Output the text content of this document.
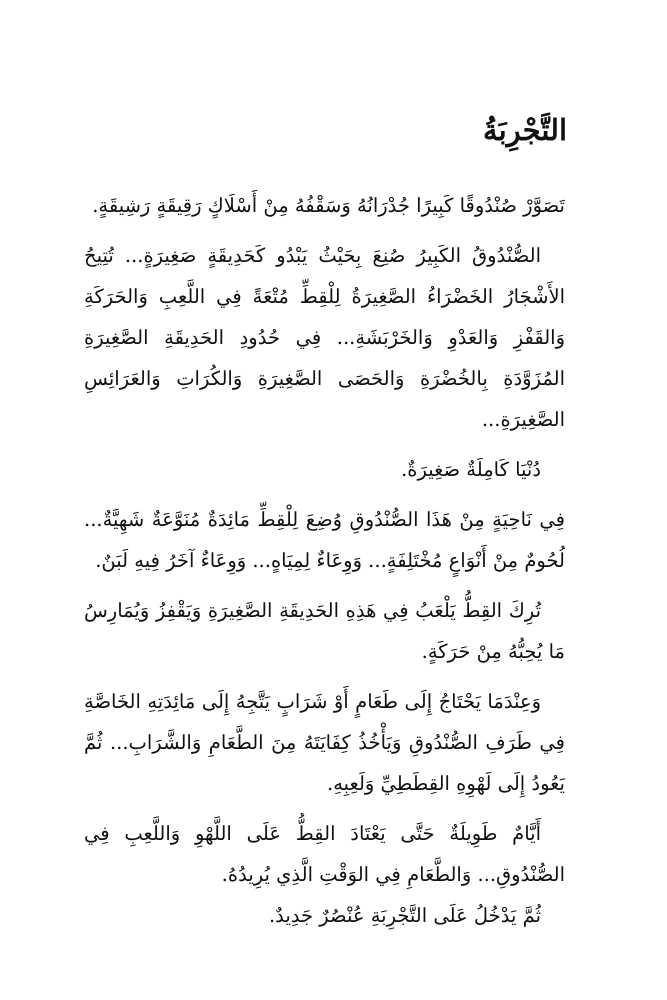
التَّجْرِبَةُ

تَصَوَّرْ صُنْدُوقًا كَبِيرًا جُدْرَانُهُ وَسَقْفُهُ مِنْ أَسْلَاكٍ رَقِيقَةٍ رَشِيقَةٍ.

الصُّنْدُوقُ الكَبِيرُ صُنِعَ بِحَيْثُ يَبْدُو كَحَدِيقَةٍ صَغِيرَةٍ... تُتِيحُ الأَشْجَارُ الخَضْرَاءُ الصَّغِيرَةُ لِلْقِطِّ مُتْعَةً فِي اللَّعِبِ وَالحَرَكَةِ وَالقَفْزِ وَالعَدْوِ وَالخَرْبَشَةِ... فِي حُدُودِ الحَدِيقَةِ الصَّغِيرَةِ المُزَوَّدَةِ بِالخُضْرَةِ وَالحَصَى الصَّغِيرَةِ وَالكُرَاتِ وَالعَرَائِسِ الصَّغِيرَةِ...

دُنْيَا كَامِلَةٌ صَغِيرَةٌ.

فِي نَاحِيَةٍ مِنْ هَذَا الصُّنْدُوقِ وُضِعَ لِلْقِطِّ مَائِدَةٌ مُنَوَّعَةٌ شَهِيَّةٌ... لُحُومٌ مِنْ أَنْوَاعٍ مُخْتَلِفَةٍ... وَوِعَاءٌ لِمِيَاهٍ... وَوِعَاءٌ آخَرُ فِيهِ لَبَنٌ.

تُرِكَ القِطُّ يَلْعَبُ فِي هَذِهِ الحَدِيقَةِ الصَّغِيرَةِ وَيَقْفِزُ وَيُمَارِسُ مَا يُحِبُّهُ مِنْ حَرَكَةٍ.

وَعِنْدَمَا يَحْتَاجُ إِلَى طَعَامٍ أَوْ شَرَابٍ يَتَّجِهُ إِلَى مَائِدَتِهِ الخَاصَّةِ فِي طَرَفِ الصُّنْدُوقِ وَيَأْخُذُ كِفَايَتَهُ مِنَ الطَّعَامِ وَالشَّرَابِ... ثُمَّ يَعُودُ إِلَى لَهْوِهِ القِطَطِيِّ وَلَعِبِهِ.

أَيَّامٌ طَوِيلَةٌ حَتَّى يَعْتَادَ القِطُّ عَلَى اللَّهْوِ وَاللَّعِبِ فِي الصُّنْدُوقِ... وَالطَّعَامِ فِي الوَقْتِ الَّذِي يُرِيدُهُ.

ثُمَّ يَدْخُلُ عَلَى التَّجْرِبَةِ عُنْصُرٌ جَدِيدٌ.
